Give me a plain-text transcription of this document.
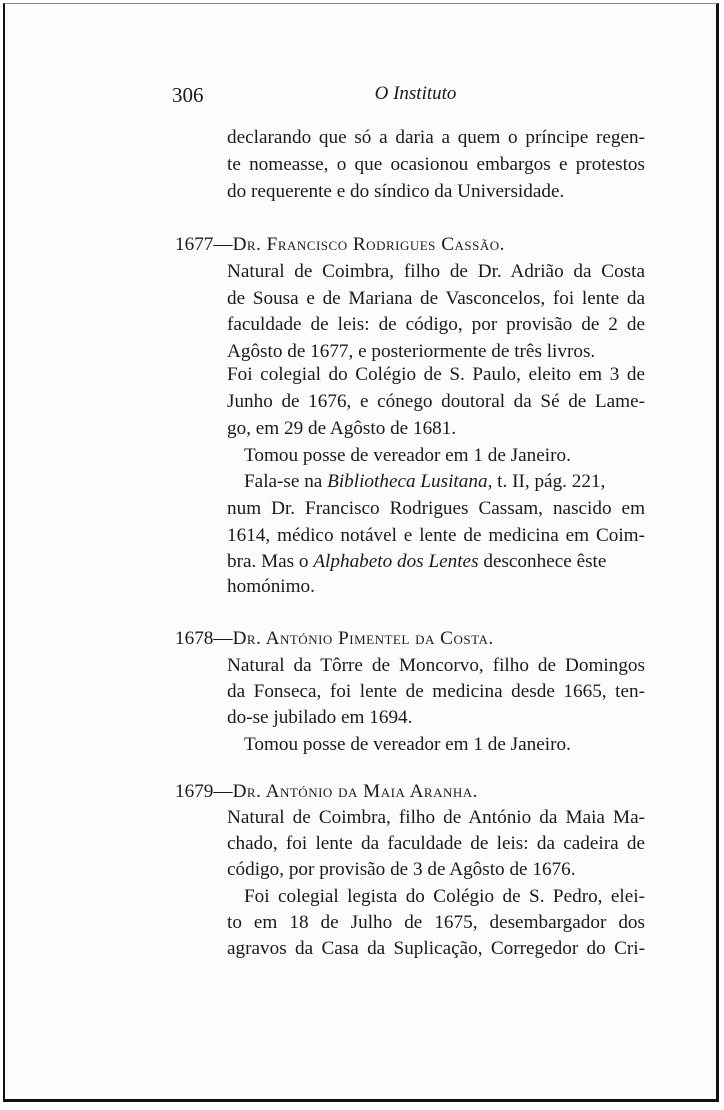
306	O Instituto
declarando que só a daria a quem o príncipe regen-
te nomeasse, o que ocasionou embargos e protestos
do requerente e do síndico da Universidade.
1677—Dr. Francisco Rodrigues Cassão.
Natural de Coimbra, filho de Dr. Adrião da Costa
de Sousa e de Mariana de Vasconcelos, foi lente da
faculdade de leis: de código, por provisão de 2 de
Agôsto de 1677, e posteriormente de três livros.
Foi colegial do Colégio de S. Paulo, eleito em 3 de
Junho de 1676, e cónego doutoral da Sé de Lame-
go, em 29 de Agôsto de 1681.
Tomou posse de vereador em 1 de Janeiro.
Fala-se na Bibliotheca Lusitana, t. II, pág. 221,
num Dr. Francisco Rodrigues Cassam, nascido em
1614, médico notável e lente de medicina em Coim-
bra. Mas o Alphabeto dos Lentes desconhece êste
homónimo.
1678—Dr. António Pimentel da Costa.
Natural da Tôrre de Moncorvo, filho de Domingos
da Fonseca, foi lente de medicina desde 1665, ten-
do-se jubilado em 1694.
Tomou posse de vereador em 1 de Janeiro.
1679—Dr. António da Maia Aranha.
Natural de Coimbra, filho de António da Maia Ma-
chado, foi lente da faculdade de leis: da cadeira de
código, por provisão de 3 de Agôsto de 1676.
Foi colegial legista do Colégio de S. Pedro, elei-
to em 18 de Julho de 1675, desembargador dos
agravos da Casa da Suplicação, Corregedor do Cri-
